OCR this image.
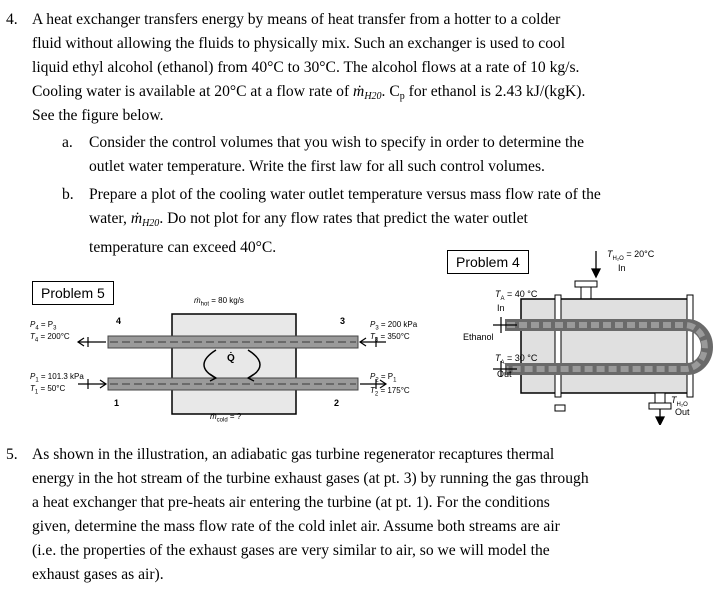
4. A heat exchanger transfers energy by means of heat transfer from a hotter to a colder
fluid without allowing the fluids to physically mix. Such an exchanger is used to cool
liquid ethyl alcohol (ethanol) from 40°C to 30°C. The alcohol flows at a rate of 10 kg/s.
Cooling water is available at 20°C at a flow rate of ṁ$_{H20}$. Cp for ethanol is 2.43 kJ/(kgK).
See the figure below.
a. Consider the control volumes that you wish to specify in order to determine the
outlet water temperature. Write the first law for all such control volumes.
b. Prepare a plot of the cooling water outlet temperature versus mass flow rate of the
water, ṁ$_{H20}$. Do not plot for any flow rates that predict the water outlet
temperature can exceed 40°C.
ṁ$_{hot}$ = 80 kg/s
ṁ$_{cold}$ = ?
Q̇
$P_4 = P_3$
$T_4 = 200^\circ C$
$P_1 = 101.3$ kPa
$T_1 = 50^\circ C$
$P_3 = 200$ kPa
$T_3 = 350^\circ C$
$P_2 = P_1$
$T_2 = 175^\circ C$
4
1
3
2
Problem 5
Problem 4	$T_{H_2O} = 20^\circ C$
In
$T_A = 40$ °C
In
Ethanol
$T_A = 30$ °C
Out
$T_{H_2O}$
Out
5. As shown in the illustration, an adiabatic gas turbine regenerator recaptures thermal
energy in the hot stream of the turbine exhaust gases (at pt. 3) by running the gas through
a heat exchanger that pre-heats air entering the turbine (at pt. 1). For the conditions
given, determine the mass flow rate of the cold inlet air. Assume both streams are air
(i.e. the properties of the exhaust gases are very similar to air, so we will model the
exhaust gases as air).
